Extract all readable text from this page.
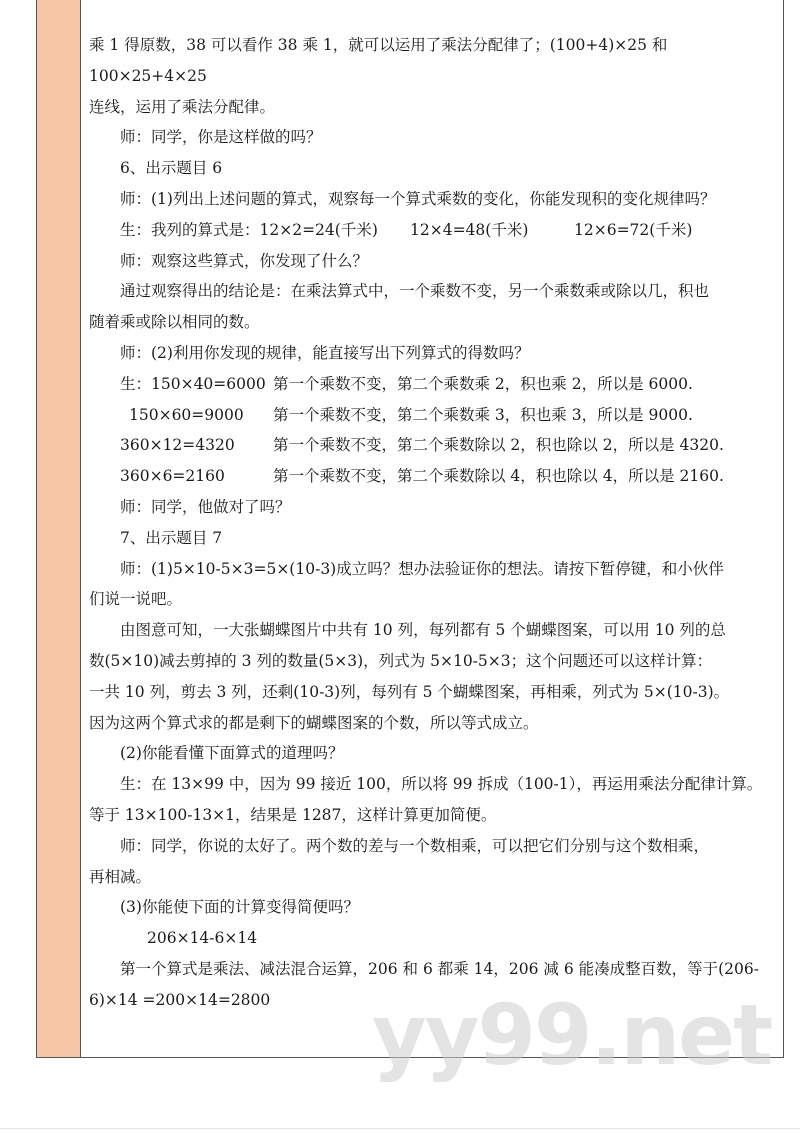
乘 1 得原数，38 可以看作 38 乘 1，就可以运用了乘法分配律了；(100+4)×25 和 100×25+4×25

连线，运用了乘法分配律。

师：同学，你是这样做的吗？

6、出示题目 6

师：(1)列出上述问题的算式，观察每一个算式乘数的变化，你能发现积的变化规律吗？

生：我列的算式是：12×2=24(千米)	12×4=48(千米)	12×6=72(千米)

师：观察这些算式，你发现了什么？

通过观察得出的结论是：在乘法算式中，一个乘数不变，另一个乘数乘或除以几，积也

随着乘或除以相同的数。

师：(2)利用你发现的规律，能直接写出下列算式的得数吗？

生：150×40=6000 第一个乘数不变，第二个乘数乘 2，积也乘 2，所以是 6000.
150×60=9000	第一个乘数不变，第二个乘数乘 3，积也乘 3，所以是 9000.
360×12=4320	第一个乘数不变，第二个乘数除以 2，积也除以 2，所以是 4320.
360×6=2160	第一个乘数不变，第二个乘数除以 4，积也除以 4，所以是 2160.

师：同学，他做对了吗？

7、出示题目 7

师：(1)5×10-5×3=5×(10-3)成立吗？想办法验证你的想法。请按下暂停键，和小伙伴

们说一说吧。

由图意可知，一大张蝴蝶图片中共有 10 列，每列都有 5 个蝴蝶图案，可以用 10 列的总

数(5×10)减去剪掉的 3 列的数量(5×3)，列式为 5×10-5×3；这个问题还可以这样计算：

一共 10 列，剪去 3 列，还剩(10-3)列，每列有 5 个蝴蝶图案，再相乘，列式为 5×(10-3)。

因为这两个算式求的都是剩下的蝴蝶图案的个数，所以等式成立。

(2)你能看懂下面算式的道理吗？

生：在 13×99 中，因为 99 接近 100，所以将 99 拆成（100-1），再运用乘法分配律计算。

等于 13×100-13×1，结果是 1287，这样计算更加简便。

师：同学，你说的太好了。两个数的差与一个数相乘，可以把它们分别与这个数相乘，

再相减。

(3)你能使下面的计算变得简便吗？

206×14-6×14

第一个算式是乘法、减法混合运算，206 和 6 都乘 14，206 减 6 能凑成整百数，等于(206-

6)×14 =200×14=2800	yy99.net
